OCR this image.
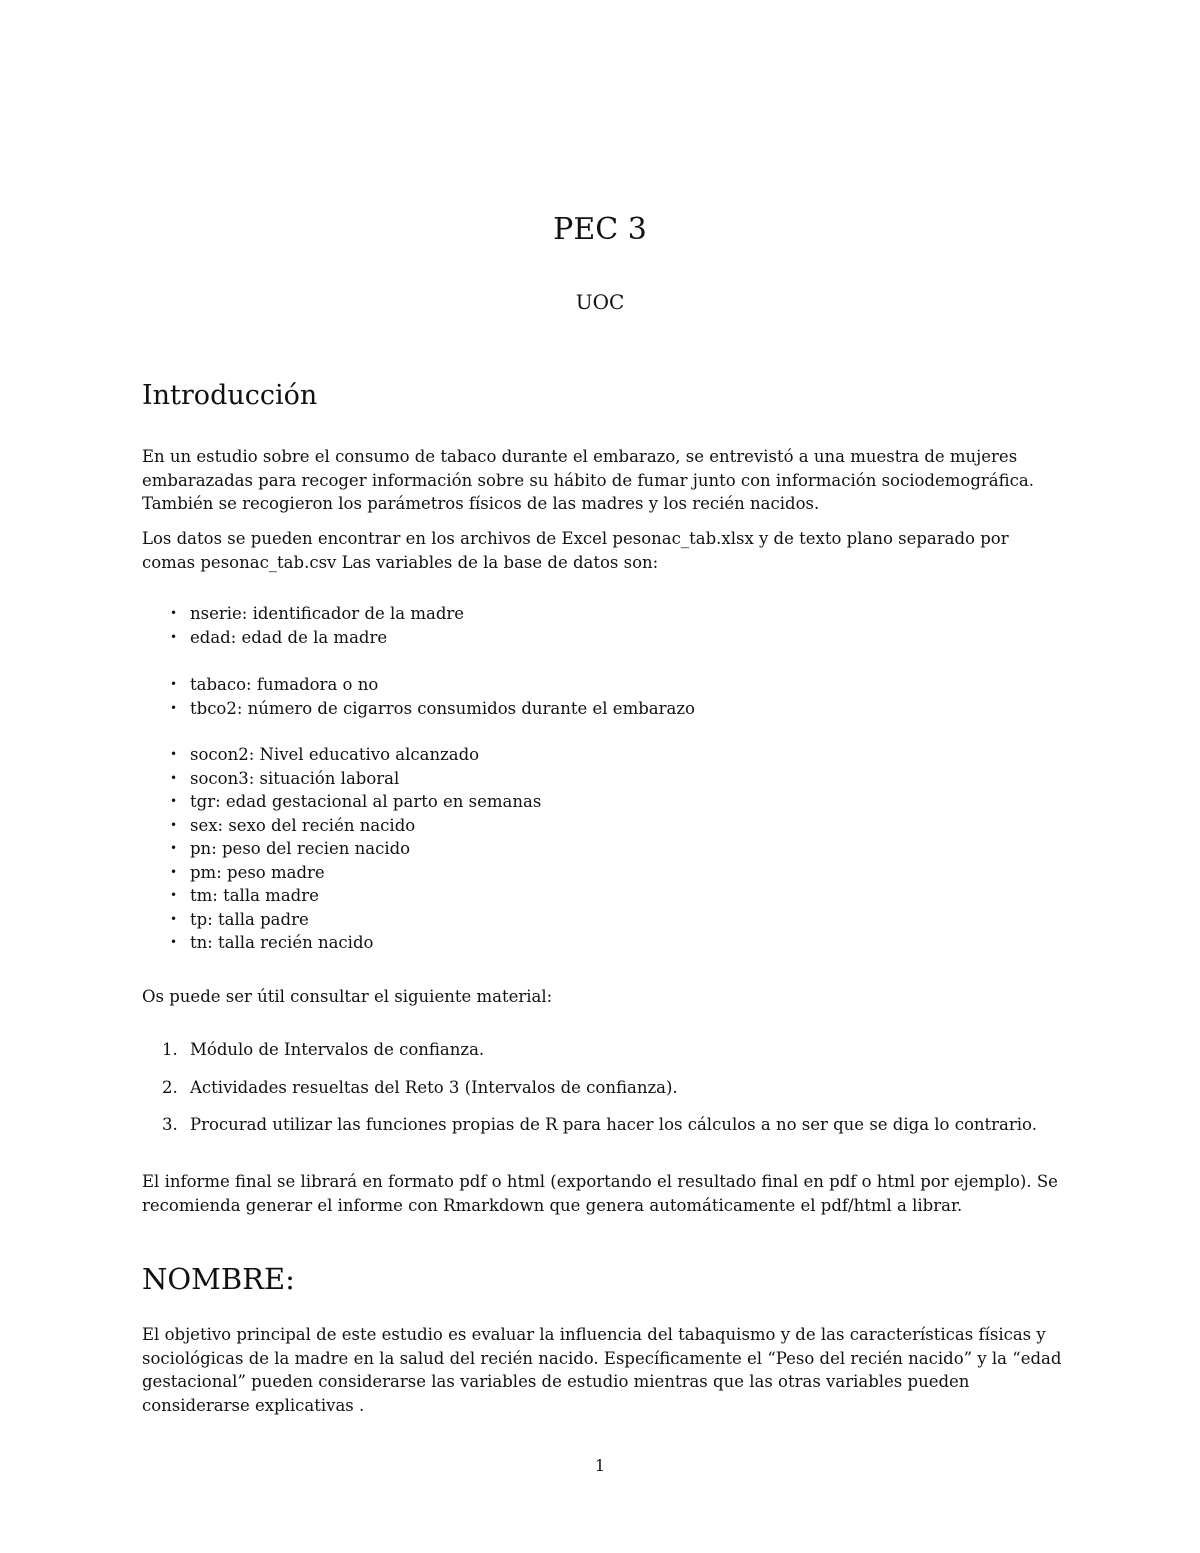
PEC 3
UOC
Introducción

En un estudio sobre el consumo de tabaco durante el embarazo, se entrevistó a una muestra de mujeres embarazadas para recoger información sobre su hábito de fumar junto con información sociodemográfica. También se recogieron los parámetros físicos de las madres y los recién nacidos.

Los datos se pueden encontrar en los archivos de Excel pesonac_tab.xlsx y de texto plano separado por comas pesonac_tab.csv Las variables de la base de datos son:

• nserie: identificador de la madre
• edad: edad de la madre
• tabaco: fumadora o no
• tbco2: número de cigarros consumidos durante el embarazo
• socon2: Nivel educativo alcanzado
• socon3: situación laboral
• tgr: edad gestacional al parto en semanas
• sex: sexo del recién nacido
• pn: peso del recien nacido
• pm: peso madre
• tm: talla madre
• tp: talla padre
• tn: talla recién nacido

Os puede ser útil consultar el siguiente material:

1. Módulo de Intervalos de confianza.
2. Actividades resueltas del Reto 3 (Intervalos de confianza).
3. Procurad utilizar las funciones propias de R para hacer los cálculos a no ser que se diga lo contrario.

El informe final se librará en formato pdf o html (exportando el resultado final en pdf o html por ejemplo). Se recomienda generar el informe con Rmarkdown que genera automáticamente el pdf/html a librar.

NOMBRE:

El objetivo principal de este estudio es evaluar la influencia del tabaquismo y de las características físicas y sociológicas de la madre en la salud del recién nacido. Específicamente el “Peso del recién nacido” y la “edad gestacional” pueden considerarse las variables de estudio mientras que las otras variables pueden considerarse explicativas .

1
